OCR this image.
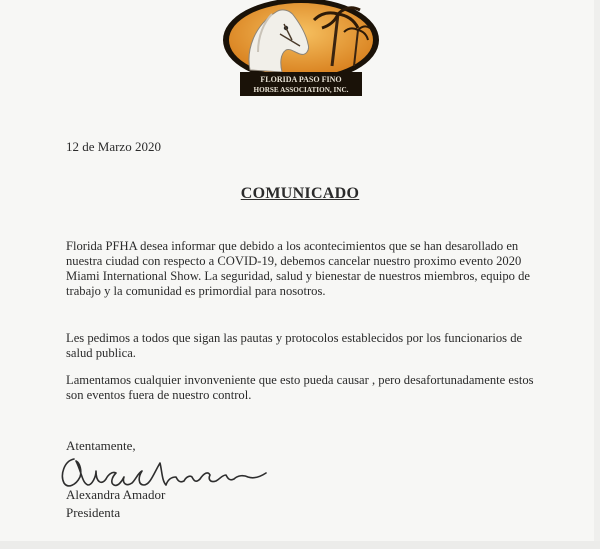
FLORIDA PASO FINO
HORSE ASSOCIATION, INC.
12 de Marzo 2020
COMUNICADO

Florida PFHA desea informar que debido a los acontecimientos que se han desarollado en nuestra ciudad con respecto a COVID-19, debemos cancelar nuestro proximo evento 2020 Miami International Show. La seguridad, salud y bienestar de nuestros miembros, equipo de trabajo y la comunidad es primordial para nosotros.

Les pedimos a todos que sigan las pautas y protocolos establecidos por los funcionarios de salud publica.

Lamentamos cualquier invonveniente que esto pueda causar , pero desafortunadamente estos son eventos fuera de nuestro control.

Atentamente,
Alexandra Amador
Presidenta
